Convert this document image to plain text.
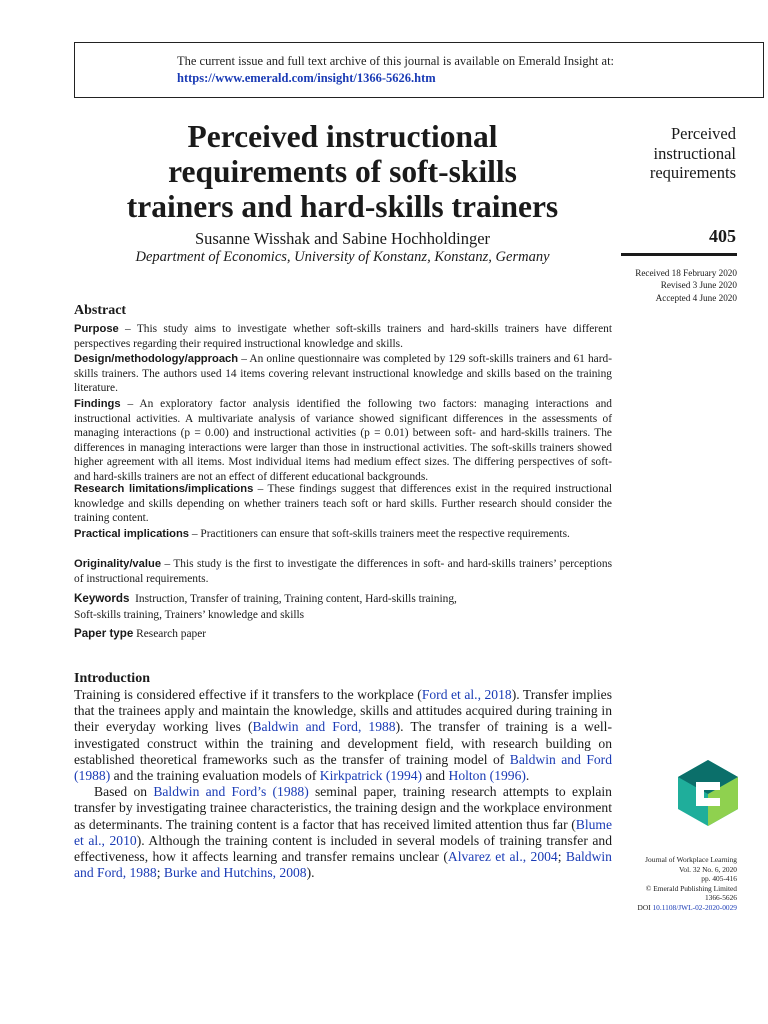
The current issue and full text archive of this journal is available on Emerald Insight at:
https://www.emerald.com/insight/1366-5626.htm
Perceived instructional
requirements of soft-skills
trainers and hard-skills trainers
Susanne Wisshak and Sabine Hochholdinger
Department of Economics, University of Konstanz, Konstanz, Germany
Perceived
instructional
requirements
405
Received 18 February 2020
Revised 3 June 2020
Accepted 4 June 2020
Abstract
Purpose – This study aims to investigate whether soft-skills trainers and hard-skills trainers have different perspectives regarding their required instructional knowledge and skills.
Design/methodology/approach – An online questionnaire was completed by 129 soft-skills trainers and 61 hard-skills trainers. The authors used 14 items covering relevant instructional knowledge and skills based on the training literature.
Findings – An exploratory factor analysis identified the following two factors: managing interactions and instructional activities. A multivariate analysis of variance showed significant differences in the assessments of managing interactions (p = 0.00) and instructional activities (p = 0.01) between soft- and hard-skills trainers. The differences in managing interactions were larger than those in instructional activities. The soft-skills trainers showed higher agreement with all items. Most individual items had medium effect sizes. The differing perspectives of soft- and hard-skills trainers are not an effect of different educational backgrounds.
Research limitations/implications – These findings suggest that differences exist in the required instructional knowledge and skills depending on whether trainers teach soft or hard skills. Further research should consider the training content.
Practical implications – Practitioners can ensure that soft-skills trainers meet the respective requirements.
Originality/value – This study is the first to investigate the differences in soft- and hard-skills trainers’ perceptions of instructional requirements.
Keywords Instruction, Transfer of training, Training content, Hard-skills training,
Soft-skills training, Trainers’ knowledge and skills
Paper type Research paper
Introduction

Training is considered effective if it transfers to the workplace (Ford et al., 2018). Transfer implies that the trainees apply and maintain the knowledge, skills and attitudes acquired during training in their everyday working lives (Baldwin and Ford, 1988). The transfer of training is a well-investigated construct within the training and development field, with research building on established theoretical frameworks such as the transfer of training model of Baldwin and Ford (1988) and the training evaluation models of Kirkpatrick (1994) and Holton (1996).

Based on Baldwin and Ford’s (1988) seminal paper, training research attempts to explain transfer by investigating trainee characteristics, the training design and the workplace environment as determinants. The training content is a factor that has received limited attention thus far (Blume et al., 2010). Although the training content is included in several models of training transfer and effectiveness, how it affects learning and transfer remains unclear (Alvarez et al., 2004; Baldwin and Ford, 1988; Burke and Hutchins, 2008).

Journal of Workplace Learning
Vol. 32 No. 6, 2020
pp. 405-416
© Emerald Publishing Limited
1366-5626
DOI 10.1108/JWL-02-2020-0029
